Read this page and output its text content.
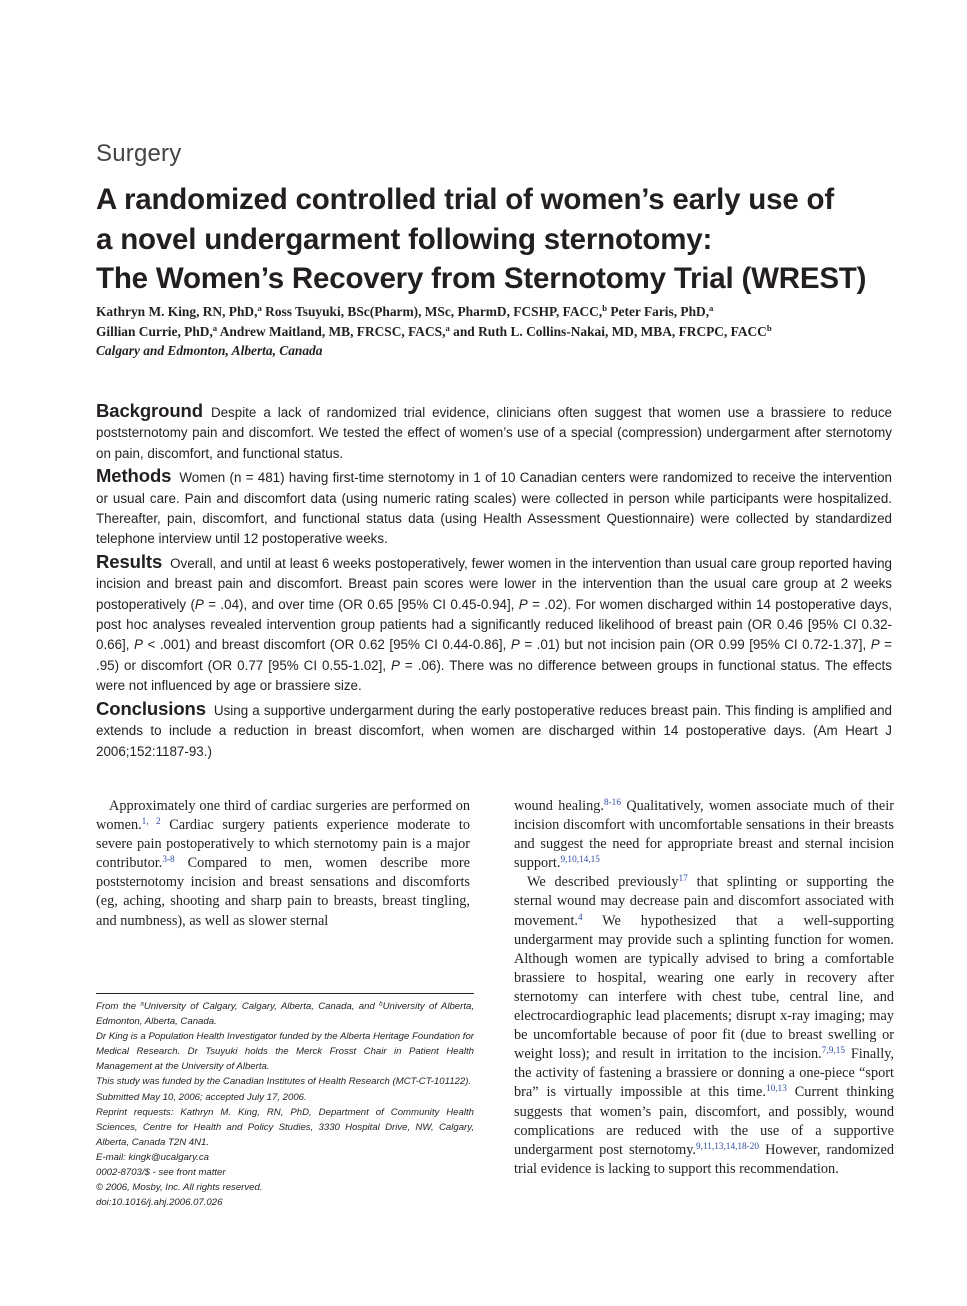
Surgery
A randomized controlled trial of women’s early use of
a novel undergarment following sternotomy:
The Women’s Recovery from Sternotomy Trial (WREST)
Kathryn M. King, RN, PhD,$^a$ Ross Tsuyuki, BSc(Pharm), MSc, PharmD, FCSHP, FACC,$^b$ Peter Faris, PhD,$^a$
Gillian Currie, PhD,$^a$ Andrew Maitland, MB, FRCSC, FACS,$^a$ and Ruth L. Collins-Nakai, MD, MBA, FRCPC, FACC$^b$
Calgary and Edmonton, Alberta, Canada

Background Despite a lack of randomized trial evidence, clinicians often suggest that women use a brassiere to reduce poststernotomy pain and discomfort. We tested the effect of women’s use of a special (compression) undergarment after sternotomy on pain, discomfort, and functional status.

Methods Women (n = 481) having first-time sternotomy in 1 of 10 Canadian centers were randomized to receive the intervention or usual care. Pain and discomfort data (using numeric rating scales) were collected in person while participants were hospitalized. Thereafter, pain, discomfort, and functional status data (using Health Assessment Questionnaire) were collected by standardized telephone interview until 12 postoperative weeks.

Results Overall, and until at least 6 weeks postoperatively, fewer women in the intervention than usual care group reported having incision and breast pain and discomfort. Breast pain scores were lower in the intervention than the usual care group at 2 weeks postoperatively (P = .04), and over time (OR 0.65 [95% CI 0.45-0.94], P = .02). For women discharged within 14 postoperative days, post hoc analyses revealed intervention group patients had a significantly reduced likelihood of breast pain (OR 0.46 [95% CI 0.32-0.66], P < .001) and breast discomfort (OR 0.62 [95% CI 0.44-0.86], P = .01) but not incision pain (OR 0.99 [95% CI 0.72-1.37], P = .95) or discomfort (OR 0.77 [95% CI 0.55-1.02], P = .06). There was no difference between groups in functional status. The effects were not influenced by age or brassiere size.

Conclusions Using a supportive undergarment during the early postoperative reduces breast pain. This finding is amplified and extends to include a reduction in breast discomfort, when women are discharged within 14 postoperative days. (Am Heart J 2006;152:1187-93.)

Approximately one third of cardiac surgeries are performed on women.$^{1, 2}$ Cardiac surgery patients experience moderate to severe pain postoperatively to which sternotomy pain is a major contributor.$^{3-8}$ Compared to men, women describe more poststernotomy incision and breast sensations and discomforts (eg, aching, shooting and sharp pain to breasts, breast tingling, and numbness), as well as slower sternal

From the $^a$University of Calgary, Calgary, Alberta, Canada, and $^b$University of Alberta, Edmonton, Alberta, Canada.
Dr King is a Population Health Investigator funded by the Alberta Heritage Foundation for Medical Research. Dr Tsuyuki holds the Merck Frosst Chair in Patient Health Management at the University of Alberta.
This study was funded by the Canadian Institutes of Health Research (MCT-CT-101122).
Submitted May 10, 2006; accepted July 17, 2006.
Reprint requests: Kathryn M. King, RN, PhD, Department of Community Health Sciences, Centre for Health and Policy Studies, 3330 Hospital Drive, NW, Calgary, Alberta, Canada T2N 4N1.
E-mail: kingk@ucalgary.ca
0002-8703/$ - see front matter
© 2006, Mosby, Inc. All rights reserved.
doi:10.1016/j.ahj.2006.07.026

wound healing.$^{8-16}$ Qualitatively, women associate much of their incision discomfort with uncomfortable sensations in their breasts and suggest the need for appropriate breast and sternal incision support.$^{9,10,14,15}$

We described previously$^{17}$ that splinting or supporting the sternal wound may decrease pain and discomfort associated with movement.$^4$ We hypothesized that a well-supporting undergarment may provide such a splinting function for women. Although women are typically advised to bring a comfortable brassiere to hospital, wearing one early in recovery after sternotomy can interfere with chest tube, central line, and electrocardiographic lead placements; disrupt x-ray imaging; may be uncomfortable because of poor fit (due to breast swelling or weight loss); and result in irritation to the incision.$^{7,9,15}$ Finally, the activity of fastening a brassiere or donning a one-piece “sport bra” is virtually impossible at this time.$^{10,13}$ Current thinking suggests that women’s pain, discomfort, and possibly, wound complications are reduced with the use of a supportive undergarment post sternotomy.$^{9,11,13,14,18-20}$ However, randomized trial evidence is lacking to support this recommendation.
